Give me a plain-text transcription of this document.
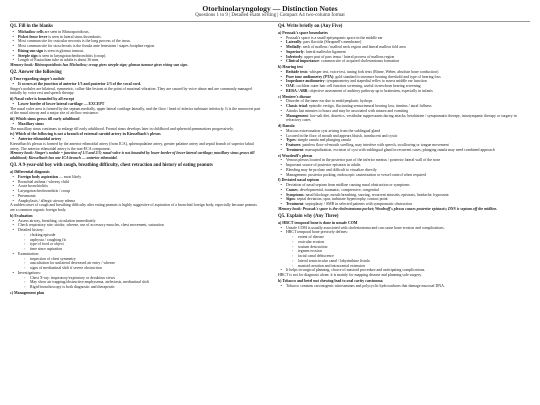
Otorhinolaryngology — Distinction Notes
Questions 1 to 9 | Detailed exam writing | Compact A4 two-column format
Q1. Fill in the blanks
• Michailow cells are seen in Rhinosporidiosis.
• Picket fence fever is seen in lateral sinus thrombosis.
• Most common site for ossicular necrosis is the long process of the incus.
• Most common site for otosclerosis is the fissula ante fenestram / stapes footplate region.
• Rising sun sign is seen in glomus tumour.
• Steeple sign is seen in laryngotracheobronchitis (croup).
• Length of Eustachian tube in adults is about 36 mm.
Memory hook: Rhinosporidiosis has Michailow; croup gives steeple sign; glomus tumour gives rising sun sign.
Q2. Answer the following
i) True regarding singer's nodule
• It occurs at the junction of anterior 1/3 and posterior 2/3 of the vocal cord.
Singer's nodules are bilateral, symmetric, callus-like lesions at the point of maximal vibration. They are caused by voice abuse and are commonly managed initially by voice rest and speech therapy.
ii) Nasal valve is bounded by all except
• Lower border of lower lateral cartilage — EXCEPT
The nasal valve area is formed by the septum medially, upper lateral cartilage laterally, and the floor / head of inferior turbinate inferiorly. It is the narrowest part of the nasal airway and a major site of airflow resistance.
iii) Which sinus grows till early adulthood
• Maxillary sinus
The maxillary sinus continues to enlarge till early adulthood. Frontal sinus develops later in childhood and sphenoid pneumatizes progressively.
iv) Which of the following is not a branch of external carotid artery in Kiesselbach's plexus
• Anterior ethmoidal artery
Kiesselbach's plexus is formed by the anterior ethmoidal artery (from ICA), sphenopalatine artery, greater palatine artery and septal branch of superior labial artery. The anterior ethmoidal artery is the non-ECA component.
Memory hook: Singer's nodule = junction of 1/3 and 2/3; nasal valve is not bounded by lower border of lower lateral cartilage; maxillary sinus grows till adulthood; Kiesselbach has one ICA branch — anterior ethmoidal.
Q3. A 9-year-old boy with cough, breathing difficulty, chest retraction and history of eating peanuts
a) Differential diagnosis
• Foreign body aspiration — most likely
• Bronchial asthma / wheezy child
• Acute bronchiolitis
• Laryngotracheobronchitis / croup
• Pneumonia
• Anaphylaxis / allergic airway edema
A sudden onset of cough and breathing difficulty after eating peanuts is highly suggestive of aspiration of a bronchial foreign body, especially because peanuts are a common organic foreign body.
b) Evaluation
• Assess airway, breathing, circulation immediately
• Check respiratory rate, stridor, wheeze, use of accessory muscles, chest movement, saturation
• Detailed history:
◦ choking episode
◦ asphyxia / coughing fit
◦ type of food or object
◦ time since aspiration
• Examination:
◦ inspection of chest symmetry
◦ auscultation for unilateral decreased air entry / wheeze
◦ signs of mediastinal shift if severe obstruction
• Investigations:
◦ Chest X-ray: inspiratory/expiratory or decubitus views
◦ May show air trapping/obstructive emphysema, atelectasis, mediastinal shift
◦ Rigid bronchoscopy is both diagnostic and therapeutic
c) Management plan
Q4. Write briefly on (Any Five)
a) Prussak's space boundaries
• Prussak's space is a small epitympanic space in the middle ear
• Laterally: pars flaccida (Shrapnell's membrane)
• Medially: neck of malleus / malleal neck region and lateral mallear fold area
• Superiorly: lateral malleolar ligament
• Inferiorly: upper part of pars tensa / lateral process of malleus region
• Clinical importance: common site of acquired cholesteatoma formation
b) Hearing test
• Bedside tests: whisper test, voice test, tuning fork tests (Rinne, Weber, absolute bone conduction)
• Pure tone audiometry (PTA): gold standard to measure hearing threshold and type of hearing loss
• Impedance audiometry: tympanometry and stapedial reflex to assess middle ear function
• OAE: cochlear outer hair cell function screening, useful in newborn hearing screening
• BERA / ABR: objective assessment of auditory pathway up to brainstem, especially in infants
c) Meniere's disease
• Disorder of the inner ear due to endolymphatic hydrops
• Classic triad: episodic vertigo, fluctuating sensorineural hearing loss, tinnitus / aural fullness
• Attacks last minutes to hours and may be associated with nausea and vomiting
• Management: low-salt diet, diuretics, vestibular suppressants during attacks, betahistine / symptomatic therapy, intratympanic therapy or surgery in refractory cases
d) Ranula
• Mucous extravasation cyst arising from the sublingual gland
• Located in the floor of mouth and appears bluish, translucent and cystic
• Types: simple ranula and plunging ranula
• Features: painless floor-of-mouth swelling, may interfere with speech, swallowing or tongue movement
• Treatment: marsupialization, excision of cyst with sublingual gland in recurrent cases; plunging ranula may need combined approach
e) Woodruff's plexus
• Venous plexus located in the posterior part of the inferior meatus / posterior lateral wall of the nose
• Important source of posterior epistaxis in adults
• Bleeding may be profuse and difficult to visualize directly
• Management: posterior packing, endoscopic cauterization or vessel control when required
f) Deviated nasal septum
• Deviation of nasal septum from midline causing nasal obstruction or symptoms
• Causes: developmental, traumatic, compressive, congenital
• Symptoms: nasal blockage, mouth breathing, snoring, recurrent sinusitis, epistaxis, headache, hyposmia
• Signs: septal deviation, spur, turbinate hypertrophy, contact point
• Treatment: septoplasty / SMR in selected patients with symptomatic obstruction
Memory hook: Prussak's space is the cholesteatoma pocket; Woodruff's plexus causes posterior epistaxis; DNS is septum off the midline.
Q5. Explain why (Any Three)
a) HRCT temporal bone is done in unsafe COM
• Unsafe COM is usually associated with cholesteatoma and can cause bone erosion and complications.
• HRCT temporal bone precisely defines:
◦ extent of disease
◦ ossicular erosion
◦ scutum destruction
◦ tegmen erosion
◦ facial canal dehiscence
◦ lateral semicircular canal / labyrinthine fistula
◦ mastoid aeration and intracranial extension
• It helps in surgical planning, choice of mastoid procedure and anticipating complications.
HRCT is not for diagnosis alone; it is mainly for mapping disease and planning safe surgery.
b) Tobacco and betel nut chewing lead to oral cavity carcinoma
• Tobacco contains carcinogenic nitrosamines and polycyclic hydrocarbons that damage mucosal DNA.
